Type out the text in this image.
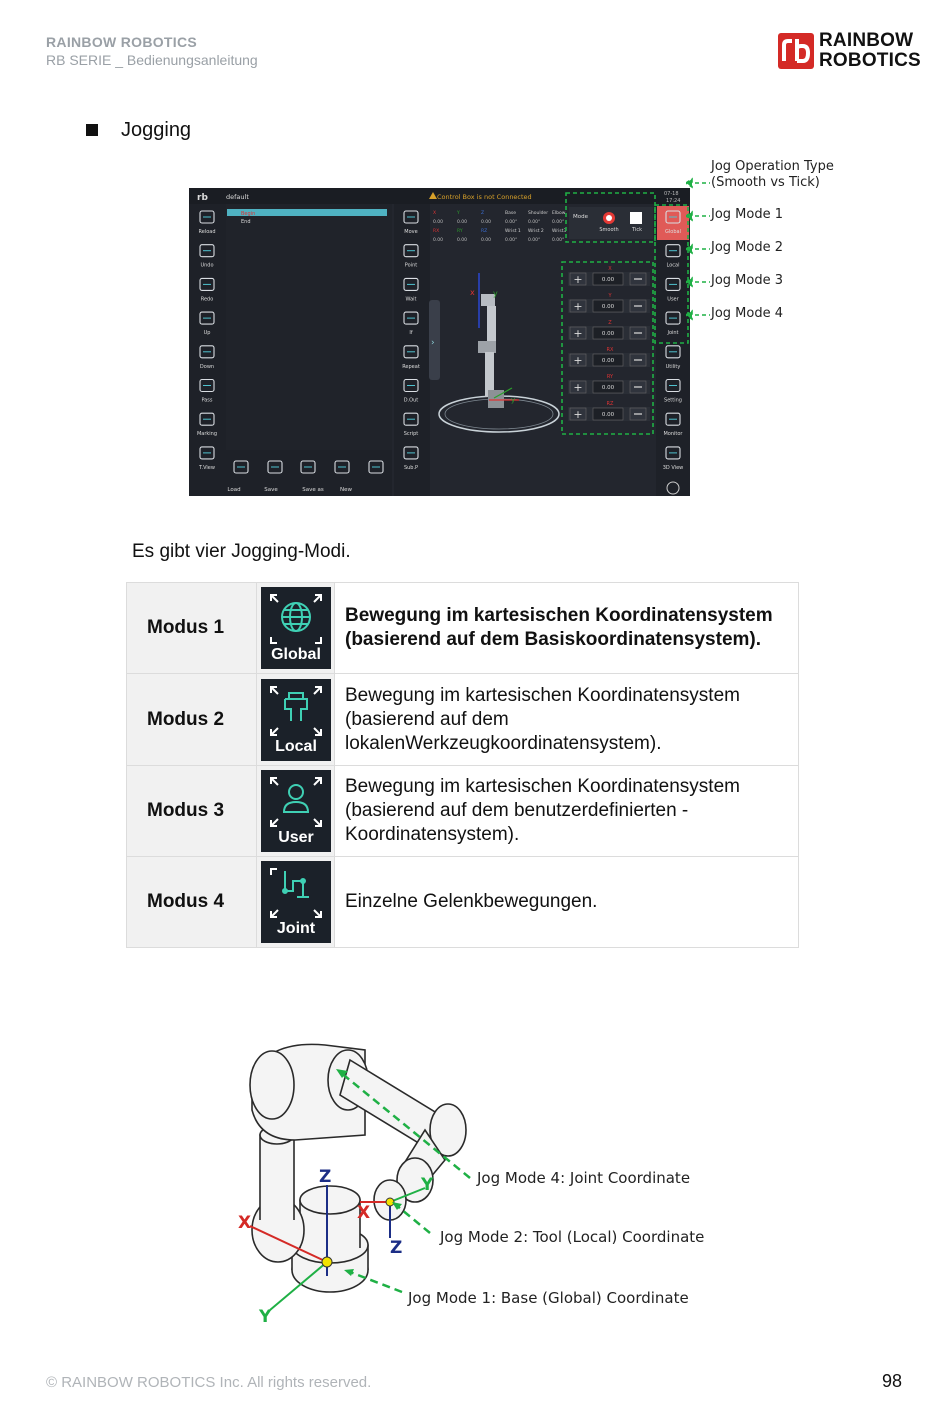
RAINBOW ROBOTICS
RB SERIE _ Bedienungsanleitung
RAINBOW
ROBOTICS
Jogging
rb	default	Control Box is not Connected	07-18
17:24
Reload
Undo
Redo
Up
Down
Pass
Marking
T.View
Begin
End
Load	Save	Save as	New
Move
Point
Wait
If
Repeat
D.Out
Script
Sub.P
X
0.00
RX
0.00
Y
0.00
RY
0.00
Z
0.00
RZ
0.00
Base
0.00°
Wrist 1
0.00°
Shoulder
0.00°
Wrist 2
0.00°
Elbow
0.00°
Wrist3
0.00°
›
x y
y
Mode
Smooth	Tick
X
+	0.00
Y
+	0.00
Z
+	0.00
RX
+	0.00
RY
+	0.00
RZ
+	0.00
Global
Local
User
Joint
Utility
Setting
Monitor
3D View
Jog Operation Type
(Smooth vs Tick)
Jog Mode 1
Jog Mode 2
Jog Mode 3
Jog Mode 4
Es gibt vier Jogging-Modi.
Modus 1	Global	Bewegung im kartesischen Koordinatensystem (basierend auf dem Basiskoordinatensystem).
Modus 2	Local	Bewegung im kartesischen Koordinatensystem (basierend auf dem lokalenWerkzeugkoordinatensystem).
Modus 3	User	Bewegung im kartesischen Koordinatensystem (basierend auf dem benutzerdefinierten -Koordinatensystem).
Modus 4	Joint	Einzelne Gelenkbewegungen.
Z
X
Y
Z
X
Y	Jog Mode 4: Joint Coordinate
Jog Mode 2: Tool (Local) Coordinate
Jog Mode 1: Base (Global) Coordinate
© RAINBOW ROBOTICS Inc. All rights reserved.	98
